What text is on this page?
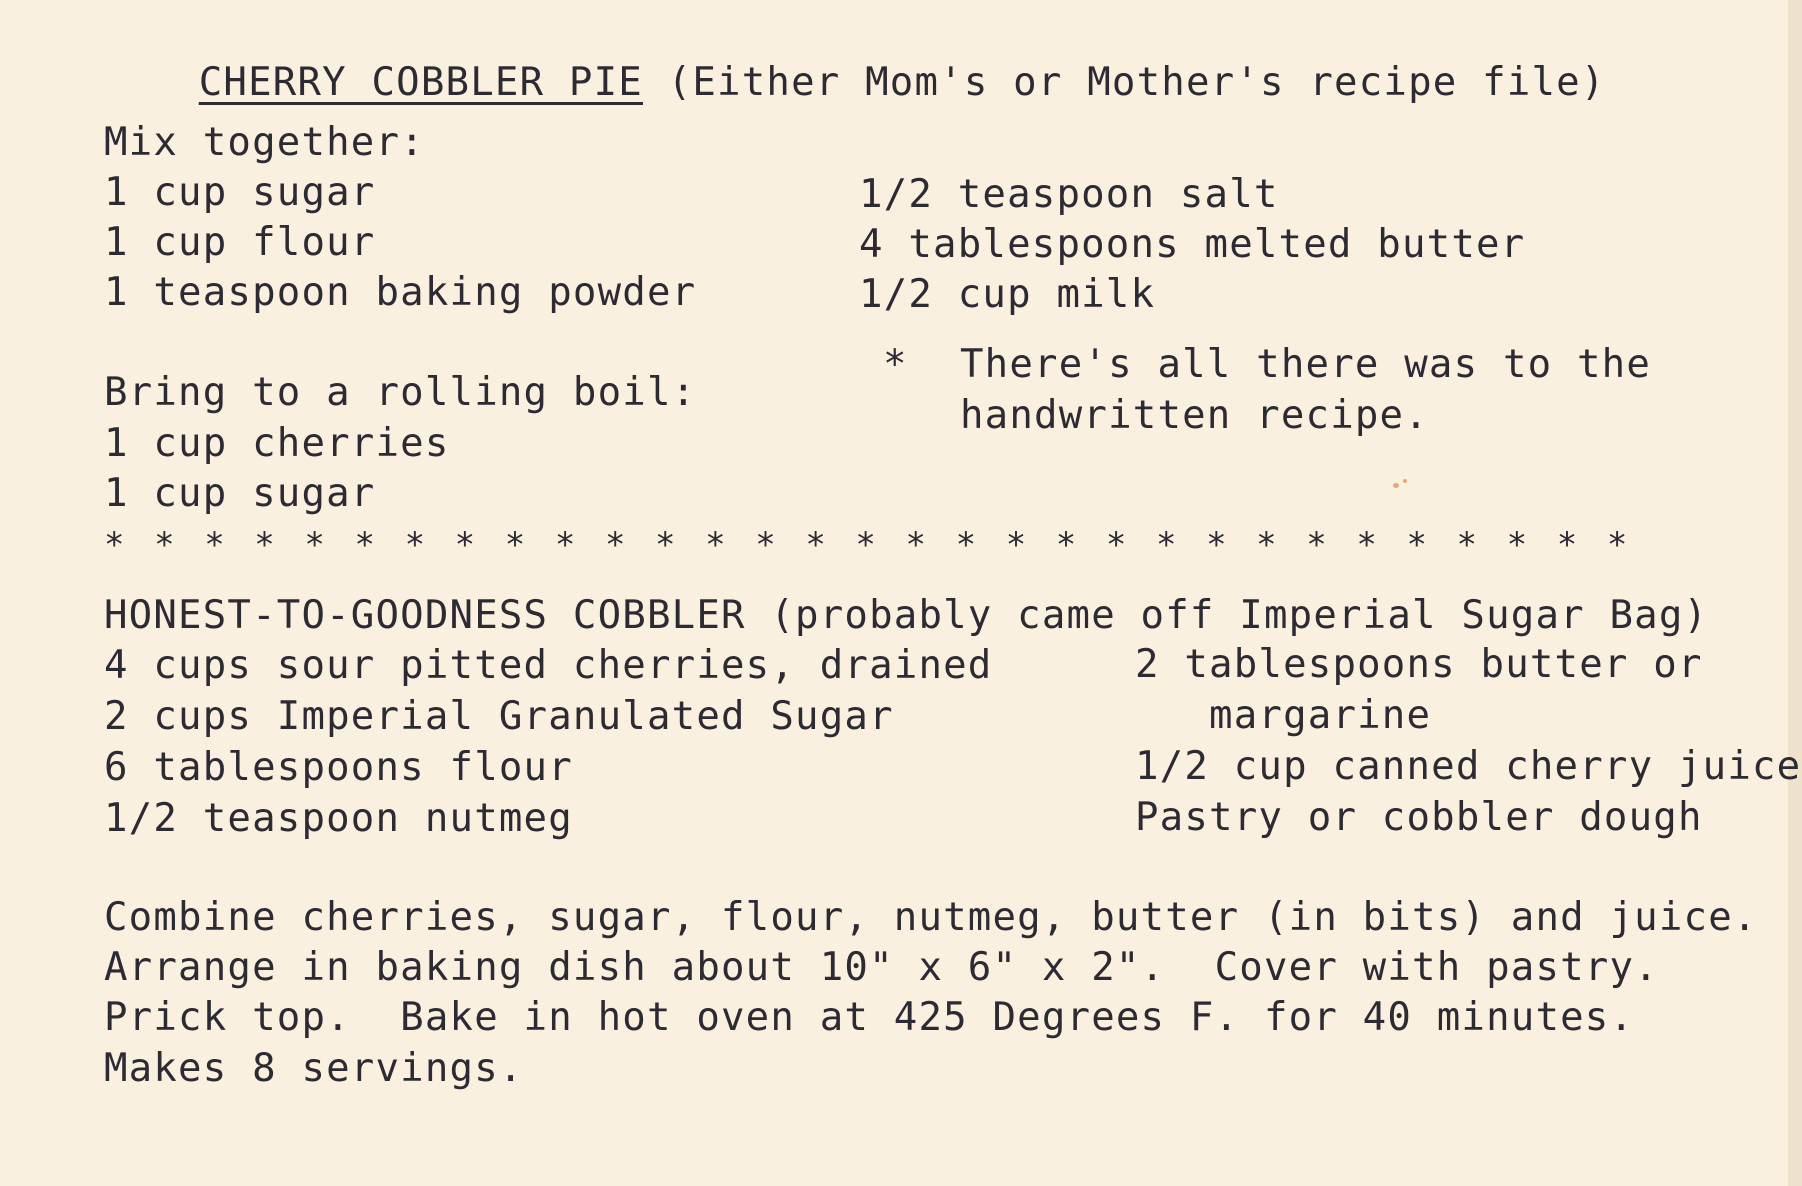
CHERRY COBBLER PIE (Either Mom's or Mother's recipe file)

Mix together:
1 cup sugar
1 cup flour
1 teaspoon baking powder
1/2 teaspoon salt
4 tablespoons melted butter
1/2 cup milk
* There's all there was to the
handwritten recipe.
Bring to a rolling boil:
1 cup cherries
1 cup sugar
* * * * * * * * * * * * * * * * * * * * * * * * * * * * * * *
HONEST-TO-GOODNESS COBBLER (probably came off Imperial Sugar Bag)
4 cups sour pitted cherries, drained
2 cups Imperial Granulated Sugar
6 tablespoons flour
1/2 teaspoon nutmeg
2 tablespoons butter or
margarine
1/2 cup canned cherry juice
Pastry or cobbler dough
Combine cherries, sugar, flour, nutmeg, butter (in bits) and juice.
Arrange in baking dish about 10" x 6" x 2".  Cover with pastry.
Prick top.  Bake in hot oven at 425 Degrees F. for 40 minutes.
Makes 8 servings.
